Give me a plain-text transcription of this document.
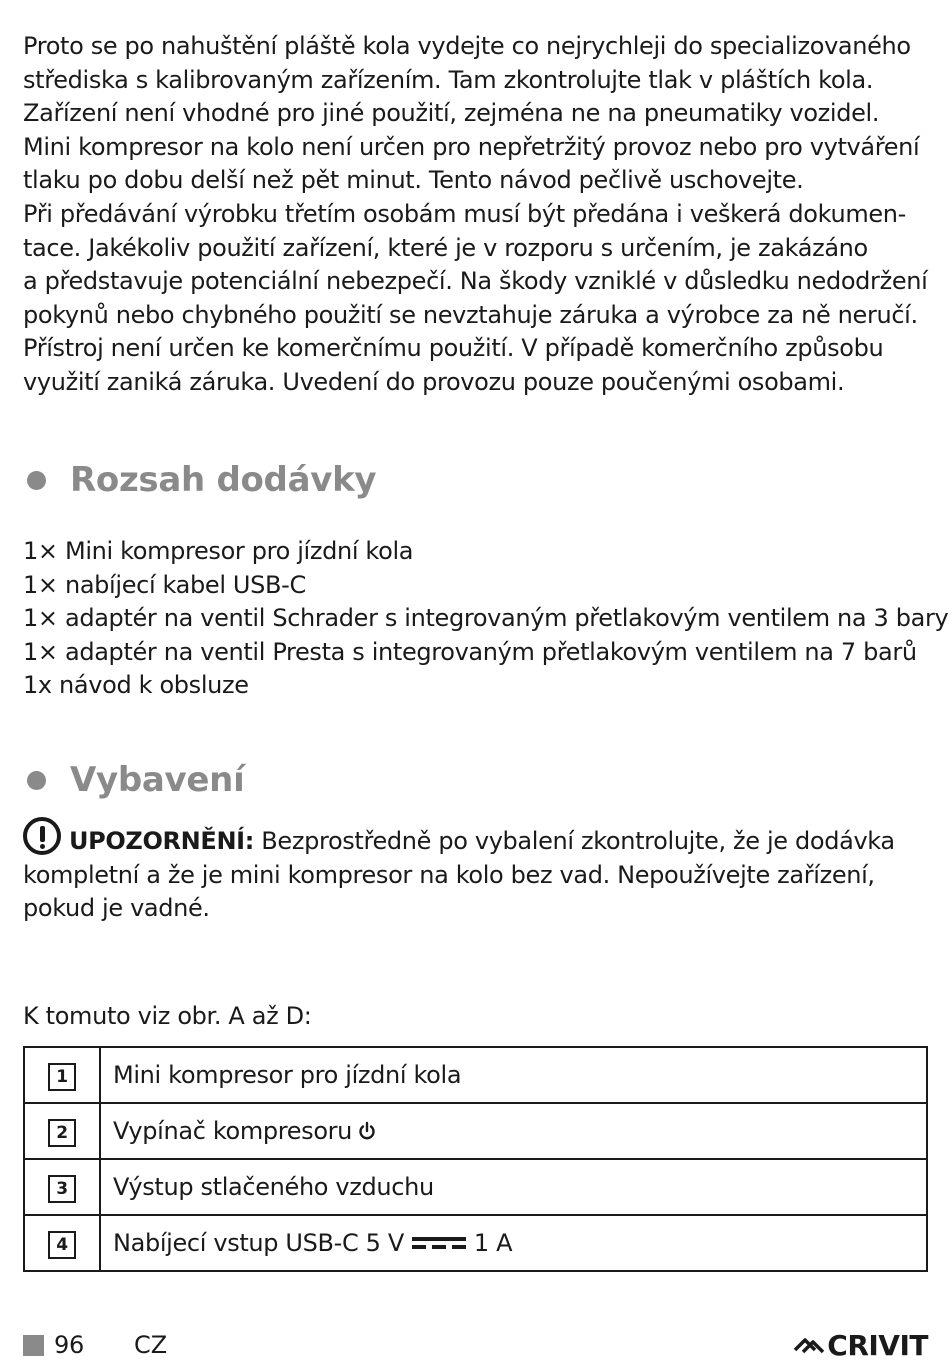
Proto se po nahuštění pláště kola vydejte co nejrychleji do specializovaného
střediska s kalibrovaným zařízením. Tam zkontrolujte tlak v pláštích kola.
Zařízení není vhodné pro jiné použití, zejména ne na pneumatiky vozidel.
Mini kompresor na kolo není určen pro nepřetržitý provoz nebo pro vytváření
tlaku po dobu delší než pět minut. Tento návod pečlivě uschovejte.
Při předávání výrobku třetím osobám musí být předána i veškerá dokumen-
tace. Jakékoliv použití zařízení, které je v rozporu s určením, je zakázáno
a představuje potenciální nebezpečí. Na škody vzniklé v důsledku nedodržení
pokynů nebo chybného použití se nevztahuje záruka a výrobce za ně neručí.
Přístroj není určen ke komerčnímu použití. V případě komerčního způsobu
využití zaniká záruka. Uvedení do provozu pouze poučenými osobami.

Rozsah dodávky
1× Mini kompresor pro jízdní kola
1× nabíjecí kabel USB-C
1× adaptér na ventil Schrader s integrovaným přetlakovým ventilem na 3 bary
1× adaptér na ventil Presta s integrovaným přetlakovým ventilem na 7 barů
1x návod k obsluze
Vybavení

UPOZORNĚNÍ: Bezprostředně po vybalení zkontrolujte, že je dodávka

kompletní a že je mini kompresor na kolo bez vad. Nepoužívejte zařízení,

pokud je vadné.

K tomuto viz obr. A až D:

1	Mini kompresor pro jízdní kola
2	Vypínač kompresoru
3	Výstup stlačeného vzduchu
4	Nabíjecí vstup USB-C 5 V 1 A
96 CZ	CRIVIT
